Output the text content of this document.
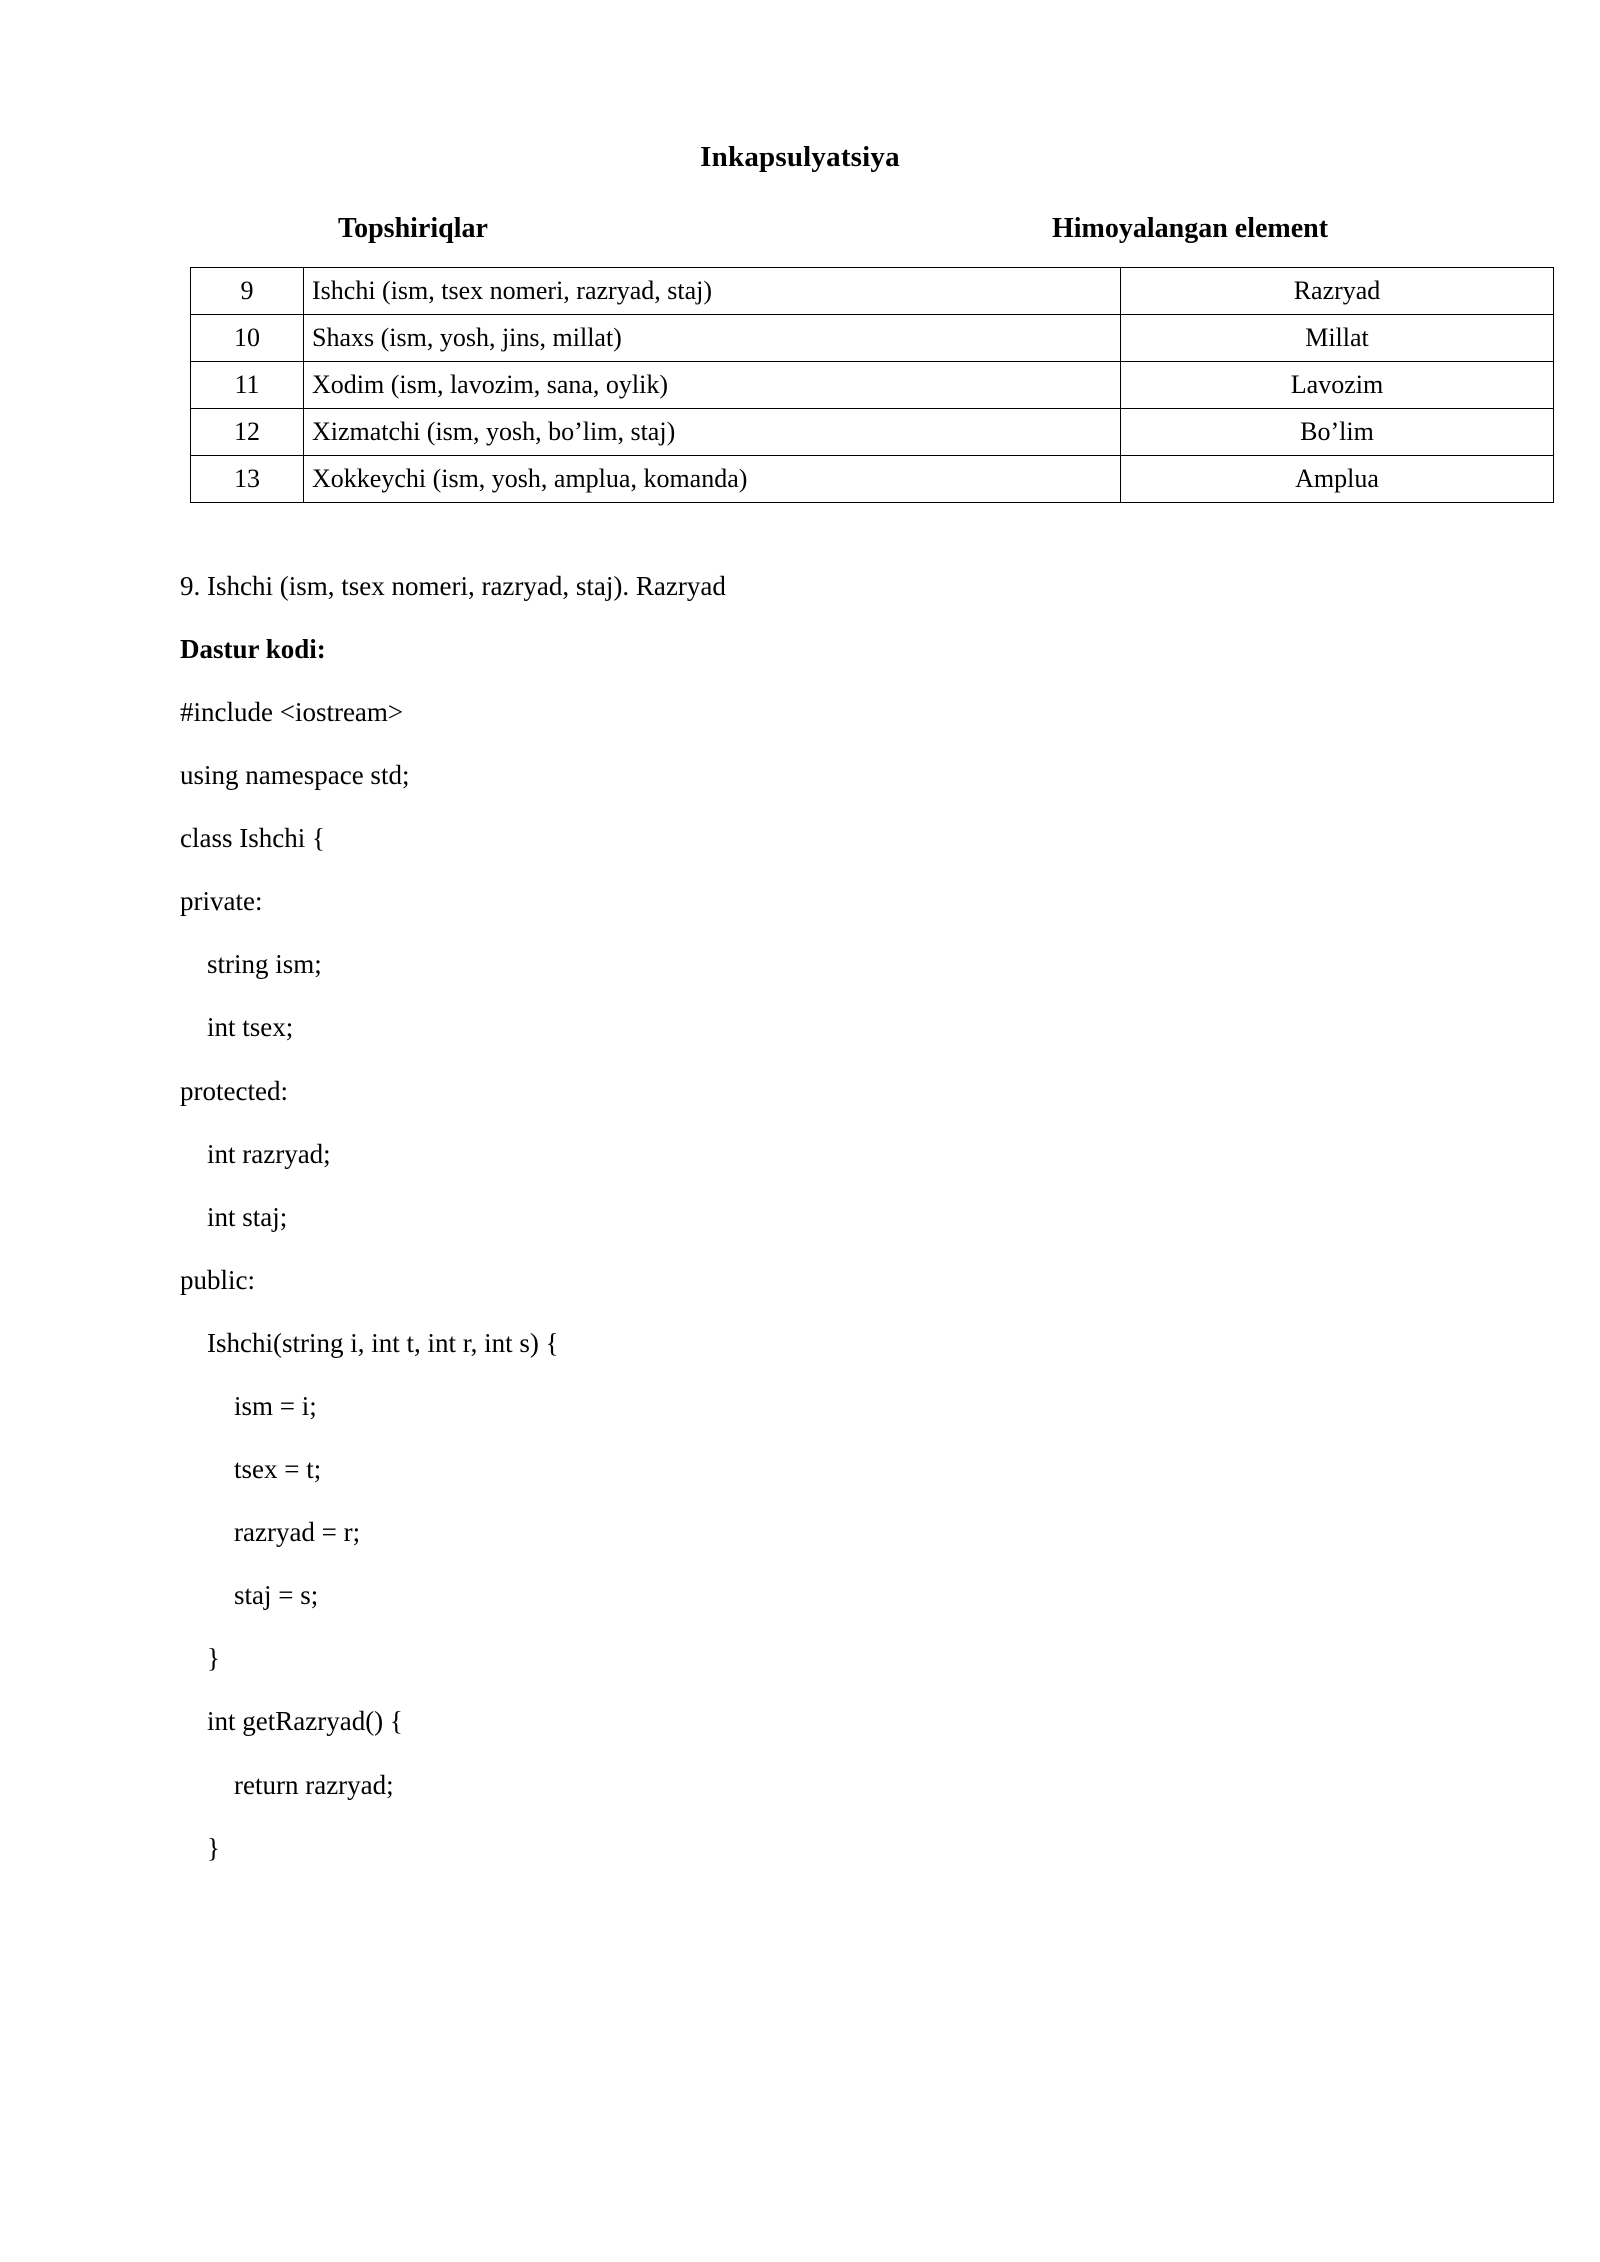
Inkapsulyatsiya
Topshiriqlar	Himoyalangan element
9	Ishchi (ism, tsex nomeri, razryad, staj)	Razryad
10	Shaxs (ism, yosh, jins, millat)	Millat
11	Xodim (ism, lavozim, sana, oylik)	Lavozim
12	Xizmatchi (ism, yosh, bo’lim, staj)	Bo’lim
13	Xokkeychi (ism, yosh, amplua, komanda)	Amplua

9. Ishchi (ism, tsex nomeri, razryad, staj). Razryad

Dastur kodi:

#include <iostream>

using namespace std;

class Ishchi {

private:

string ism;

int tsex;

protected:

int razryad;

int staj;

public:

Ishchi(string i, int t, int r, int s) {

ism = i;

tsex = t;

razryad = r;

staj = s;

}

int getRazryad() {

return razryad;

}
